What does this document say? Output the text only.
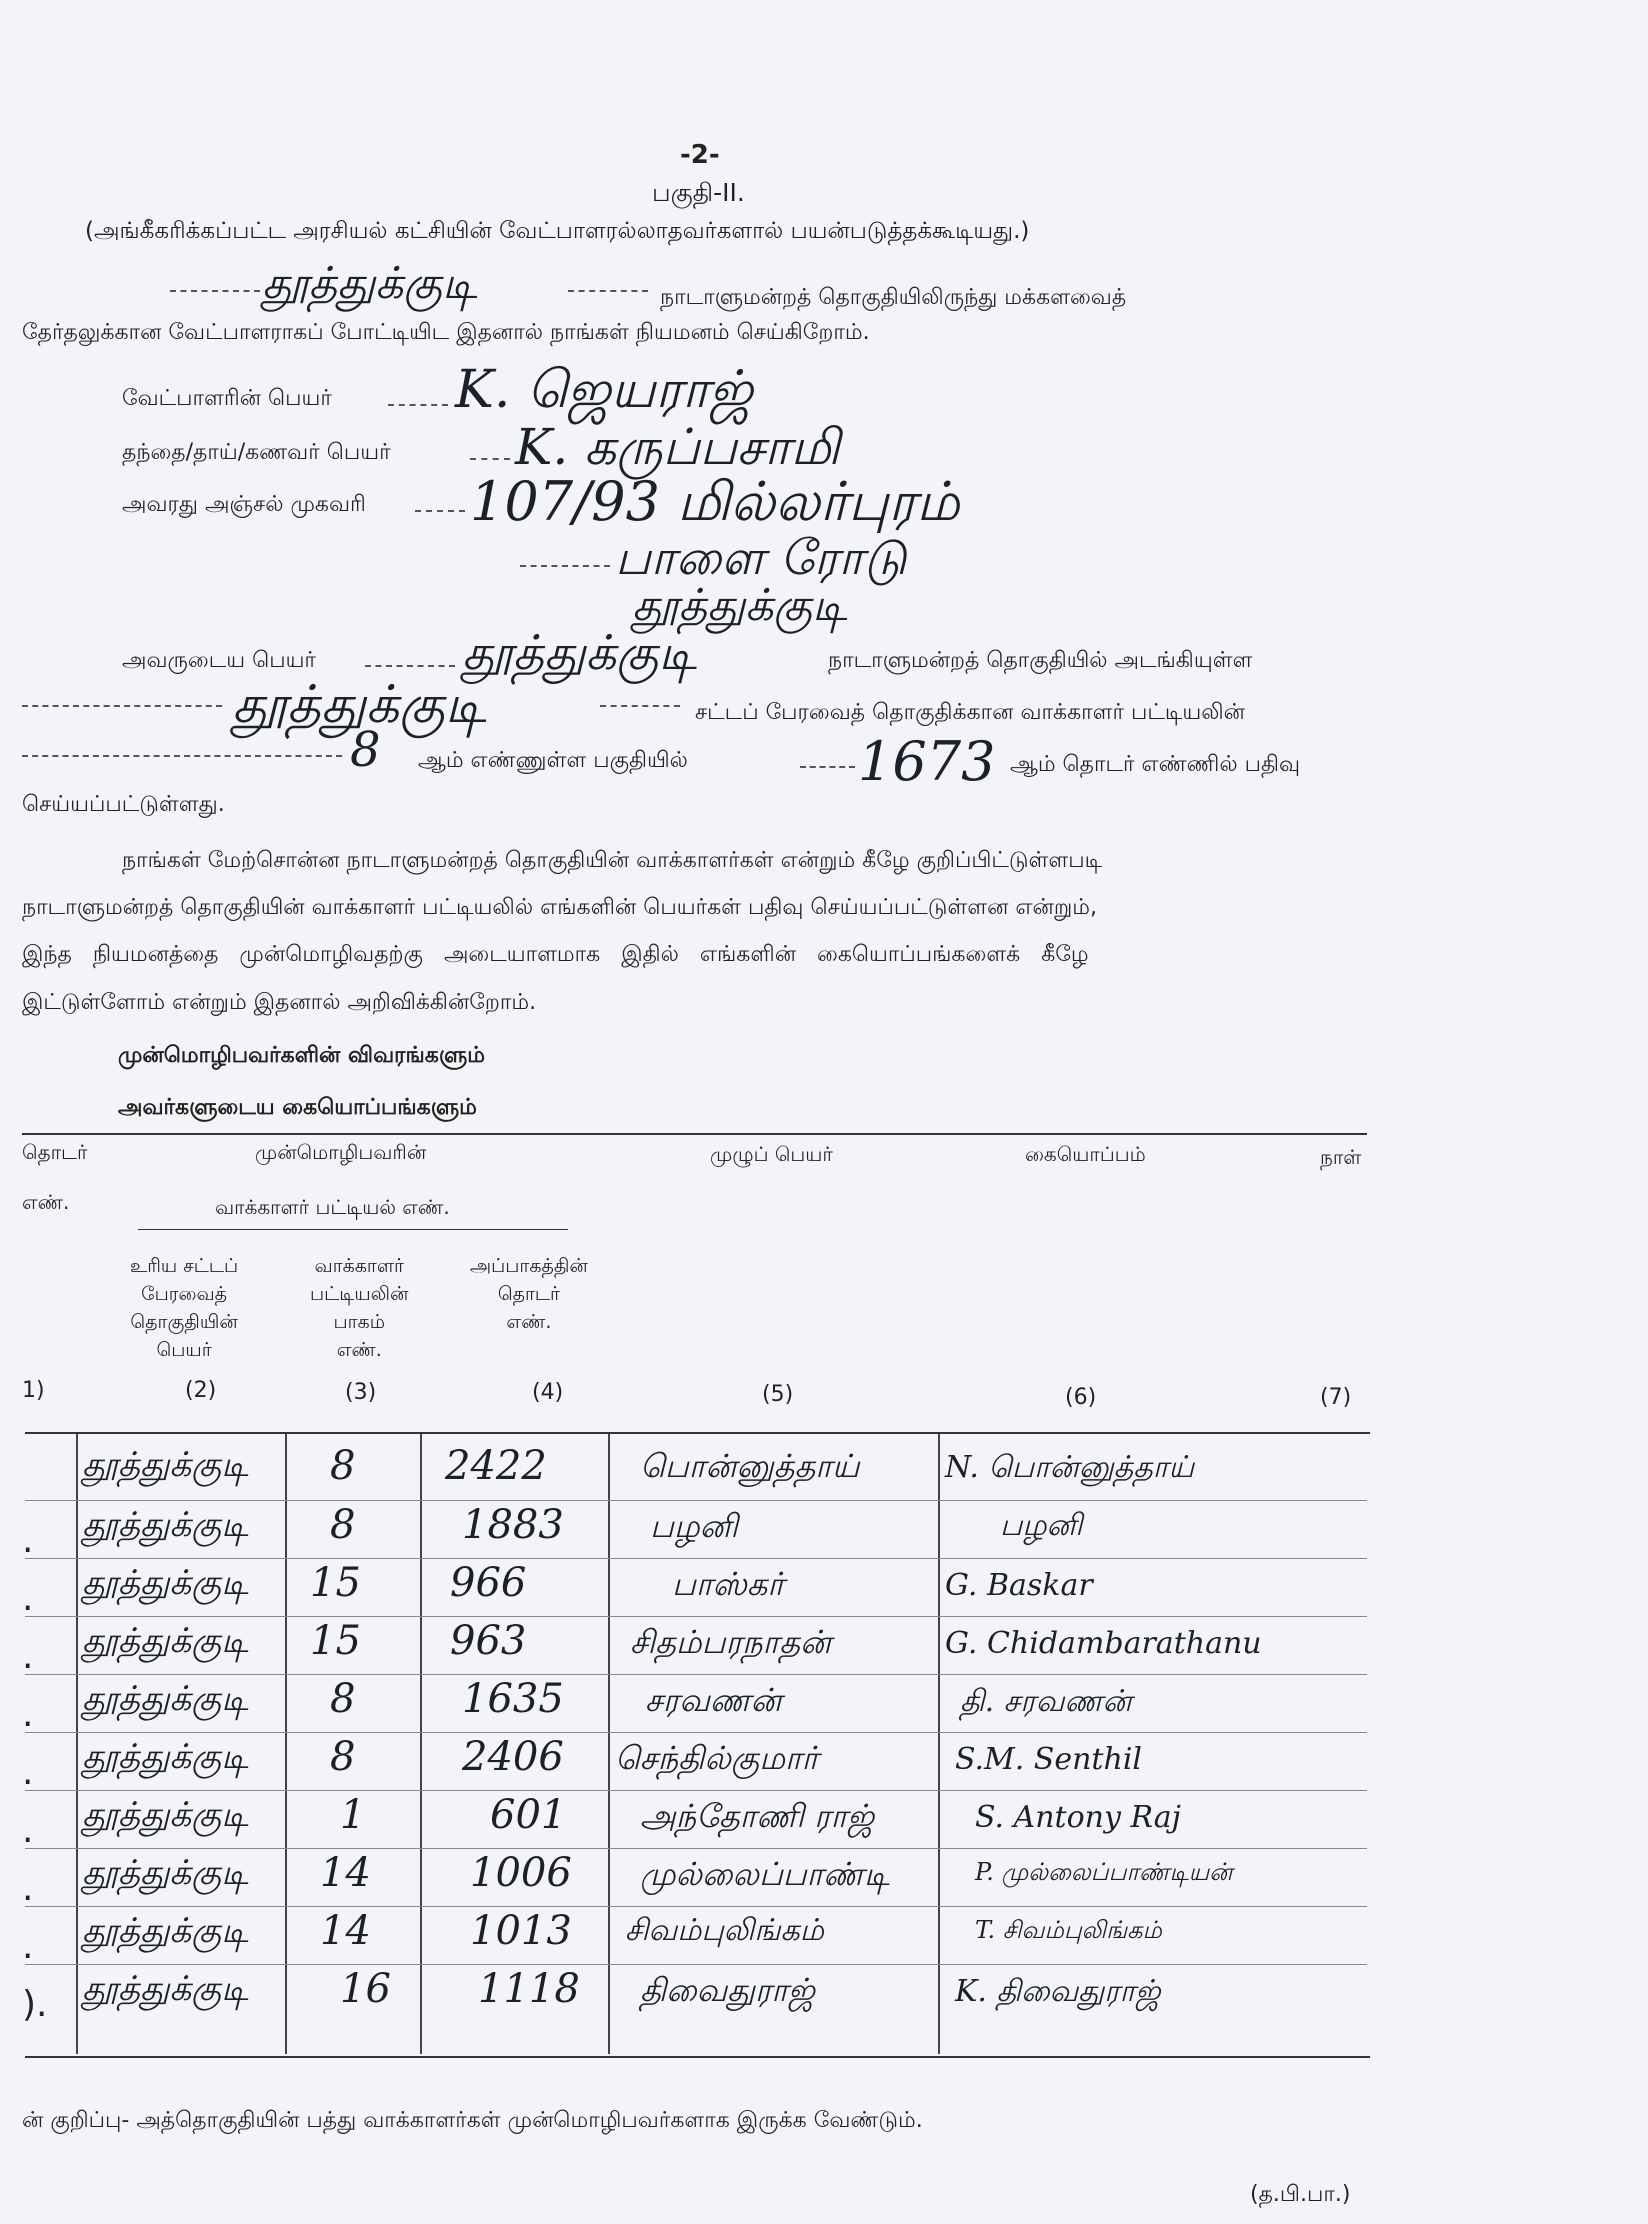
-2-
பகுதி-II.
(அங்கீகரிக்கப்பட்ட அரசியல் கட்சியின் வேட்பாளரல்லாதவர்களால் பயன்படுத்தக்கூடியது.)
தூத்துக்குடி	நாடாளுமன்றத் தொகுதியிலிருந்து மக்களவைத்
தேர்தலுக்கான வேட்பாளராகப் போட்டியிட இதனால் நாங்கள் நியமனம் செய்கிறோம்.
வேட்பாளரின் பெயர் K. ஜெயராஜ்
தந்தை/தாய்/கணவர் பெயர் K. கருப்பசாமி
அவரது அஞ்சல் முகவரி 107/93 மில்லர்புரம்
பாளை ரோடு
தூத்துக்குடி
அவருடைய பெயர்	தூத்துக்குடி	நாடாளுமன்றத் தொகுதியில் அடங்கியுள்ள
தூத்துக்குடி	சட்டப் பேரவைத் தொகுதிக்கான வாக்காளர் பட்டியலின்
8 ஆம் எண்ணுள்ள பகுதியில்	1673 ஆம் தொடர் எண்ணில் பதிவு
செய்யப்பட்டுள்ளது.
நாங்கள் மேற்சொன்ன நாடாளுமன்றத் தொகுதியின் வாக்காளர்கள் என்றும் கீழே குறிப்பிட்டுள்ளபடி
நாடாளுமன்றத் தொகுதியின் வாக்காளர் பட்டியலில் எங்களின் பெயர்கள் பதிவு செய்யப்பட்டுள்ளன என்றும்,
இந்த நியமனத்தை முன்மொழிவதற்கு அடையாளமாக இதில் எங்களின் கையொப்பங்களைக் கீழே
இட்டுள்ளோம் என்றும் இதனால் அறிவிக்கின்றோம்.
முன்மொழிபவர்களின் விவரங்களும்
அவர்களுடைய கையொப்பங்களும்
தொடர்
எண்.
முன்மொழிபவரின்	முழுப் பெயர்	கையொப்பம்	நாள்
வாக்காளர் பட்டியல் எண்.
உரிய சட்டப்
பேரவைத்
தொகுதியின்
பெயர்
வாக்காளர்
பட்டியலின்
பாகம்
எண்.
அப்பாகத்தின்
தொடர்
எண்.
1)	(2)	(3)	(4)	(5)	(6)	(7)
தூத்துக்குடி 8 2422	பொன்னுத்தாய்	N. பொன்னுத்தாய்
. தூத்துக்குடி 8	1883	பழனி	பழனி
. தூத்துக்குடி 15 966	பாஸ்கர்	G. Baskar
. தூத்துக்குடி 15 963	சிதம்பரநாதன்	G. Chidambarathanu
. தூத்துக்குடி 8	1635	சரவணன்	தி. சரவணன்
. தூத்துக்குடி 8	2406 செந்தில்குமார்	S.M. Senthil
. தூத்துக்குடி 1	601 அந்தோணி ராஜ்	S. Antony Raj
. தூத்துக்குடி 14 1006 முல்லைப்பாண்டி	P. முல்லைப்பாண்டியன்
. தூத்துக்குடி 14 1013 சிவம்புலிங்கம்	T. சிவம்புலிங்கம்
). தூத்துக்குடி 16 1118 திவைதுராஜ்	K. திவைதுராஜ்
ன் குறிப்பு- அத்தொகுதியின் பத்து வாக்காளர்கள் முன்மொழிபவர்களாக இருக்க வேண்டும்.
(த.பி.பா.)
